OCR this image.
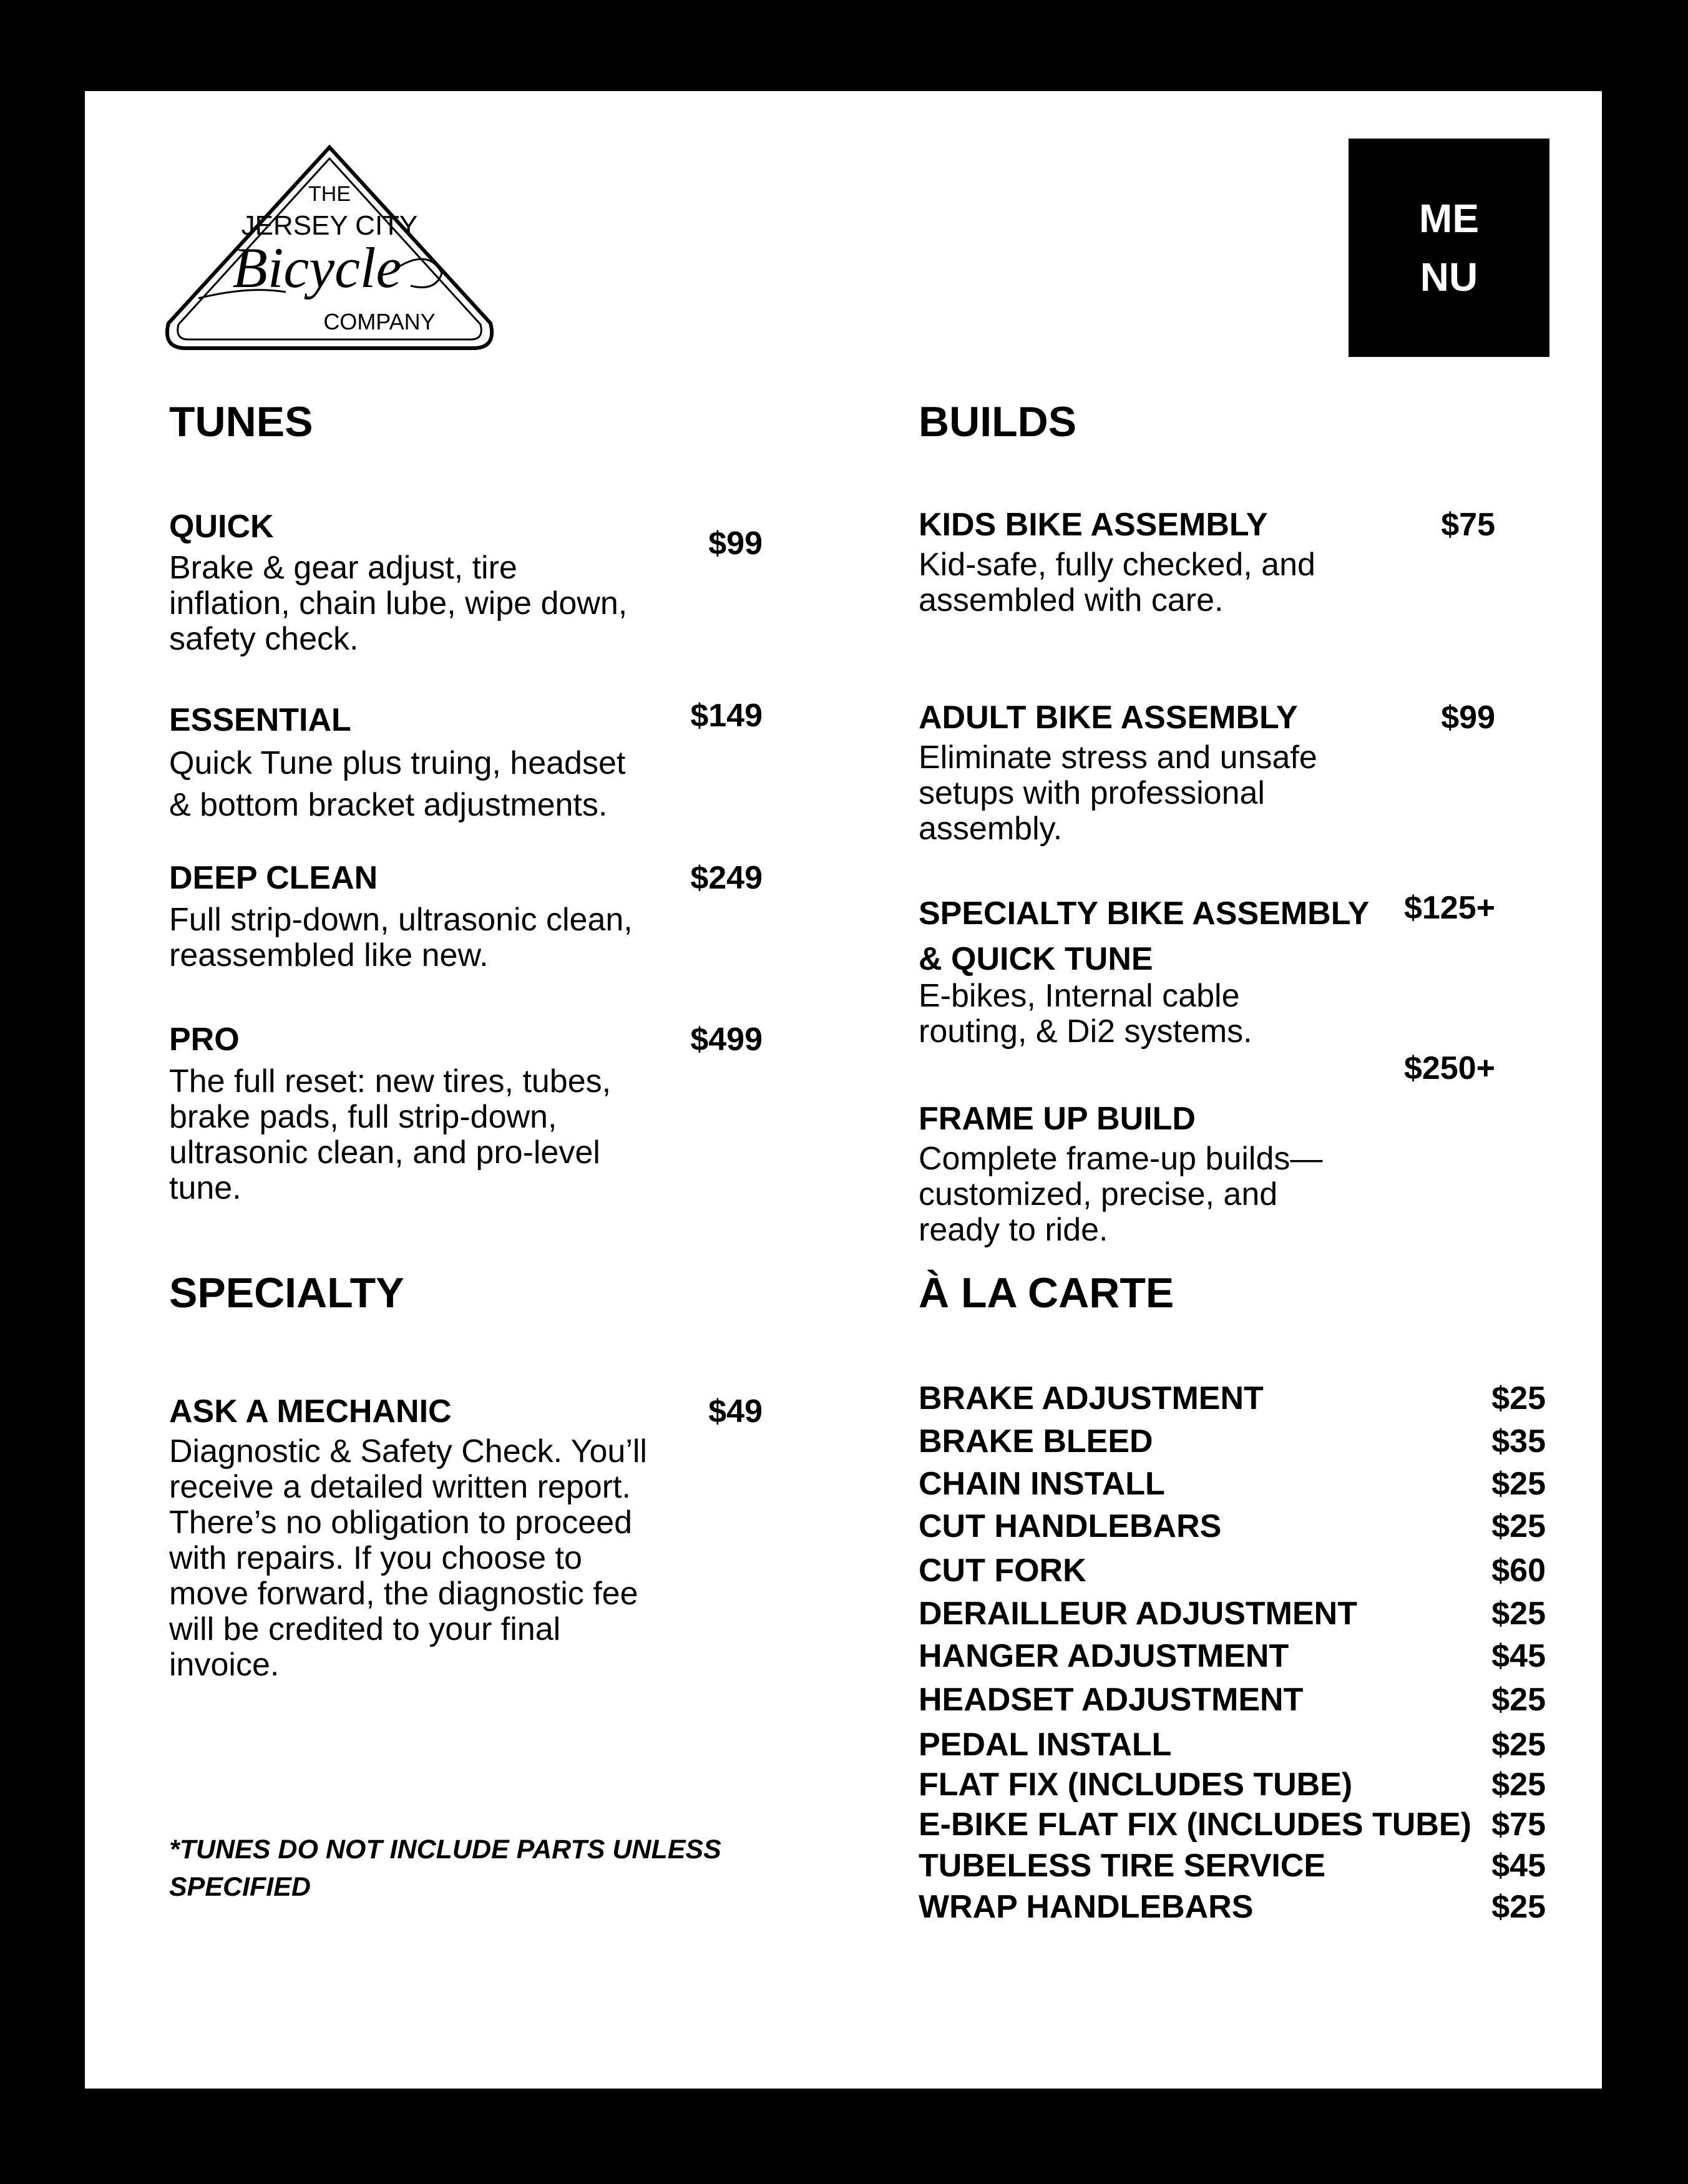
THE
JERSEY CITY
Bicycle
COMPANY
ME
NU
TUNES
QUICK	$99
Brake & gear adjust, tire
inflation, chain lube, wipe down,
safety check.
ESSENTIAL	$149
Quick Tune plus truing, headset
& bottom bracket adjustments.
DEEP CLEAN	$249
Full strip-down, ultrasonic clean,
reassembled like new.
PRO	$499
The full reset: new tires, tubes,
brake pads, full strip-down,
ultrasonic clean, and pro-level
tune.
BUILDS
KIDS BIKE ASSEMBLY	$75
Kid-safe, fully checked, and
assembled with care.
ADULT BIKE ASSEMBLY	$99
Eliminate stress and unsafe
setups with professional
assembly.
SPECIALTY BIKE ASSEMBLY
& QUICK TUNE
$125+
E-bikes, Internal cable
routing, & Di2 systems.
FRAME UP BUILD
$250+
Complete frame-up builds—
customized, precise, and
ready to ride.
SPECIALTY
ASK A MECHANIC	$49
Diagnostic & Safety Check. You’ll
receive a detailed written report.
There’s no obligation to proceed
with repairs. If you choose to
move forward, the diagnostic fee
will be credited to your final
invoice.
*TUNES DO NOT INCLUDE PARTS UNLESS
SPECIFIED
À LA CARTE
BRAKE ADJUSTMENT	$25
BRAKE BLEED	$35
CHAIN INSTALL	$25
CUT HANDLEBARS	$25
CUT FORK	$60
DERAILLEUR ADJUSTMENT	$25
HANGER ADJUSTMENT	$45
HEADSET ADJUSTMENT	$25
PEDAL INSTALL	$25
FLAT FIX (INCLUDES TUBE)	$25
E-BIKE FLAT FIX (INCLUDES TUBE) $75
TUBELESS TIRE SERVICE	$45
WRAP HANDLEBARS	$25
